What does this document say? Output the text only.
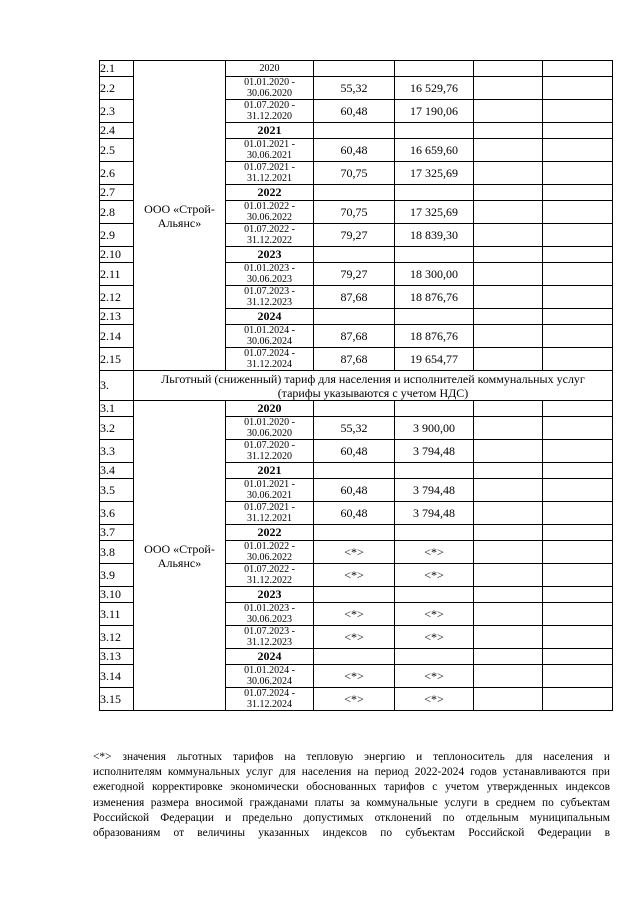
2.1	ООО «Строй-Альянс»	2020				
2.2		01.01.2020 -
30.06.2020	55,32	16 529,76		
2.3		01.07.2020 -
31.12.2020	60,48	17 190,06		
2.4		2021				
2.5		01.01.2021 -
30.06.2021	60,48	16 659,60		
2.6		01.07.2021 -
31.12.2021	70,75	17 325,69		
2.7		2022				
2.8		01.01.2022 -
30.06.2022	70,75	17 325,69		
2.9		01.07.2022 -
31.12.2022	79,27	18 839,30		
2.10		2023				
2.11		01.01.2023 -
30.06.2023	79,27	18 300,00		
2.12		01.07.2023 -
31.12.2023	87,68	18 876,76		
2.13		2024				
2.14		01.01.2024 -
30.06.2024	87,68	18 876,76		
2.15		01.07.2024 -
31.12.2024	87,68	19 654,77		
3.	Льготный (сниженный) тариф для населения и исполнителей коммунальных услуг
(тарифы указываются с учетом НДС)					

3.1	ООО «Строй-Альянс»	2020				
3.2		01.01.2020 -
30.06.2020	55,32	3 900,00		
3.3		01.07.2020 -
31.12.2020	60,48	3 794,48		
3.4		2021				
3.5		01.01.2021 -
30.06.2021	60,48	3 794,48		
3.6		01.07.2021 -
31.12.2021	60,48	3 794,48		
3.7		2022				
3.8		01.01.2022 -
30.06.2022	<*>	<*>		
3.9		01.07.2022 -
31.12.2022	<*>	<*>		
3.10		2023				
3.11		01.01.2023 -
30.06.2023	<*>	<*>		
3.12		01.07.2023 -
31.12.2023	<*>	<*>		
3.13		2024				
3.14		01.01.2024 -
30.06.2024	<*>	<*>		
3.15		01.07.2024 -
31.12.2024	<*>	<*>		
<*> значения льготных тарифов на тепловую энергию и теплоноситель для населения и
исполнителям коммунальных услуг для населения на период 2022-2024 годов устанавливаются при
ежегодной корректировке экономически обоснованных тарифов с учетом утвержденных индексов
изменения размера вносимой гражданами платы за коммунальные услуги в среднем по субъектам
Российской Федерации и предельно допустимых отклонений по отдельным муниципальным
образованиям от величины указанных индексов по субъектам Российской Федерации в
